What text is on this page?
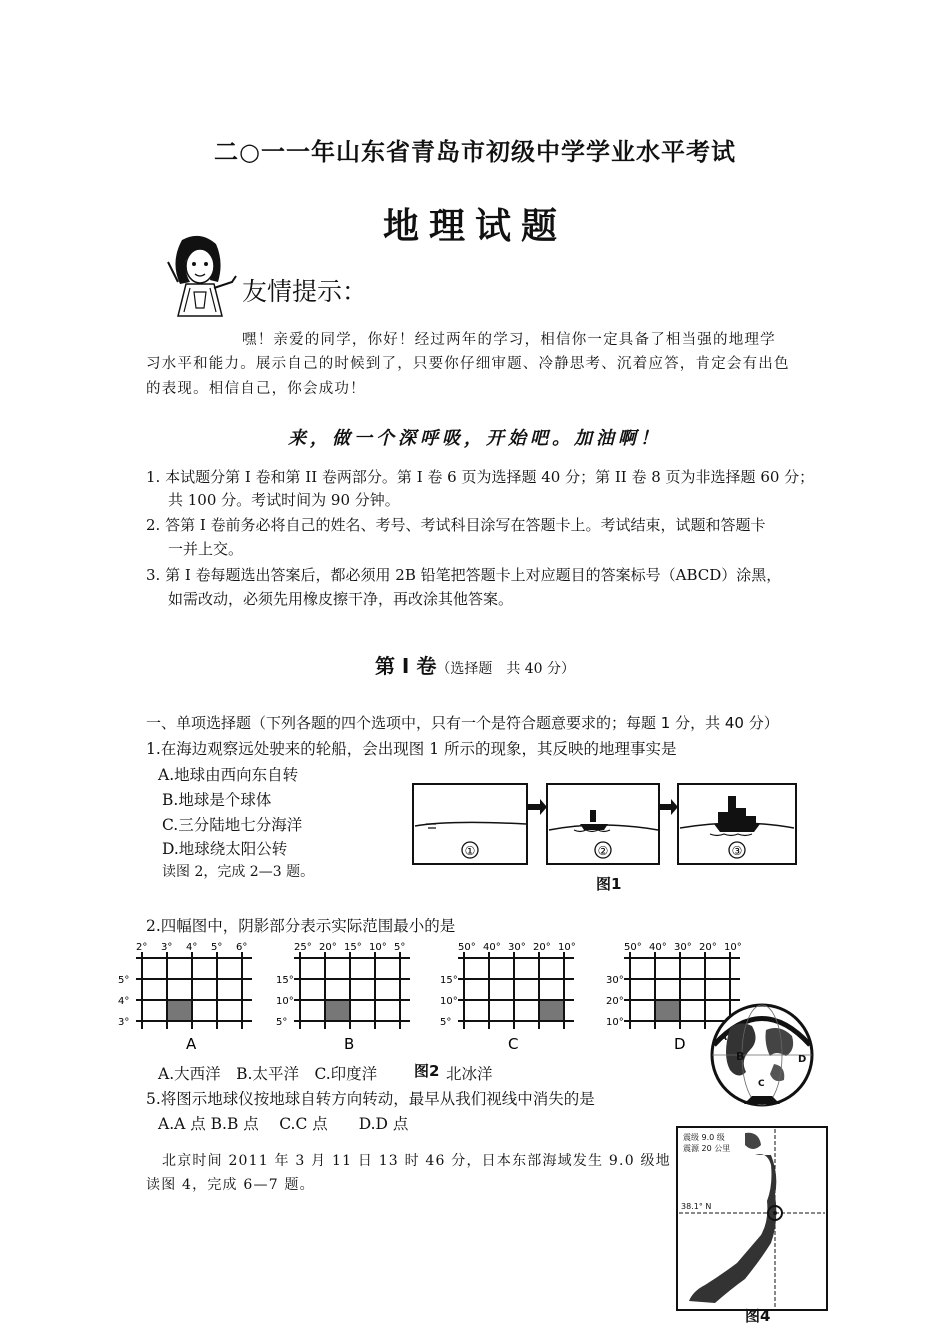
二○一一年山东省青岛市初级中学学业水平考试
地理试题
友情提示：
嘿！亲爱的同学，你好！经过两年的学习，相信你一定具备了相当强的地理学
习水平和能力。展示自己的时候到了，只要你仔细审题、冷静思考、沉着应答，肯定会有出色
的表现。相信自己，你会成功！
来，做一个深呼吸，开始吧。加油啊！
1. 本试题分第 I 卷和第 II 卷两部分。第 I 卷 6 页为选择题 40 分；第 II 卷 8 页为非选择题 60 分；
共 100 分。考试时间为 90 分钟。
2. 答第 I 卷前务必将自己的姓名、考号、考试科目涂写在答题卡上。考试结束，试题和答题卡
一并上交。
3. 第 I 卷每题选出答案后，都必须用 2B 铅笔把答题卡上对应题目的答案标号（ABCD）涂黑，
如需改动，必须先用橡皮擦干净，再改涂其他答案。
第 Ⅰ 卷（选择题　共 40 分）
一、单项选择题（下列各题的四个选项中，只有一个是符合题意要求的；每题 1 分，共 40 分）
1.在海边观察远处驶来的轮船，会出现图 1 所示的现象，其反映的地理事实是
A.地球由西向东自转
B.地球是个球体
C.三分陆地七分海洋
D.地球绕太阳公转
读图 2，完成 2—3 题。
①	②	③
图1
2.四幅图中，阴影部分表示实际范围最小的是
2° 3° 4° 5° 6°
5°
4°
3°
A
25° 20° 15° 10° 5°
15°
10°
5°
B
50° 40° 30° 20° 10°
15°
10°
5°
C
50° 40° 30° 20° 10°
30°
20°
10°
D
A.大西洋　B.太平洋　C.印度洋 图2 北冰洋
5.将图示地球仪按地球自转方向转动，最早从我们视线中消失的是
A.A 点 B.B 点　 C.C 点　　D.D 点
北京时间 2011 年 3 月 11 日 13 时 46 分，日本东部海域发生 9.0 级地
读图 4，完成 6—7 题。
B
C
D
A
震级 9.0 级
震源 20 公里
38.1° N
图4
